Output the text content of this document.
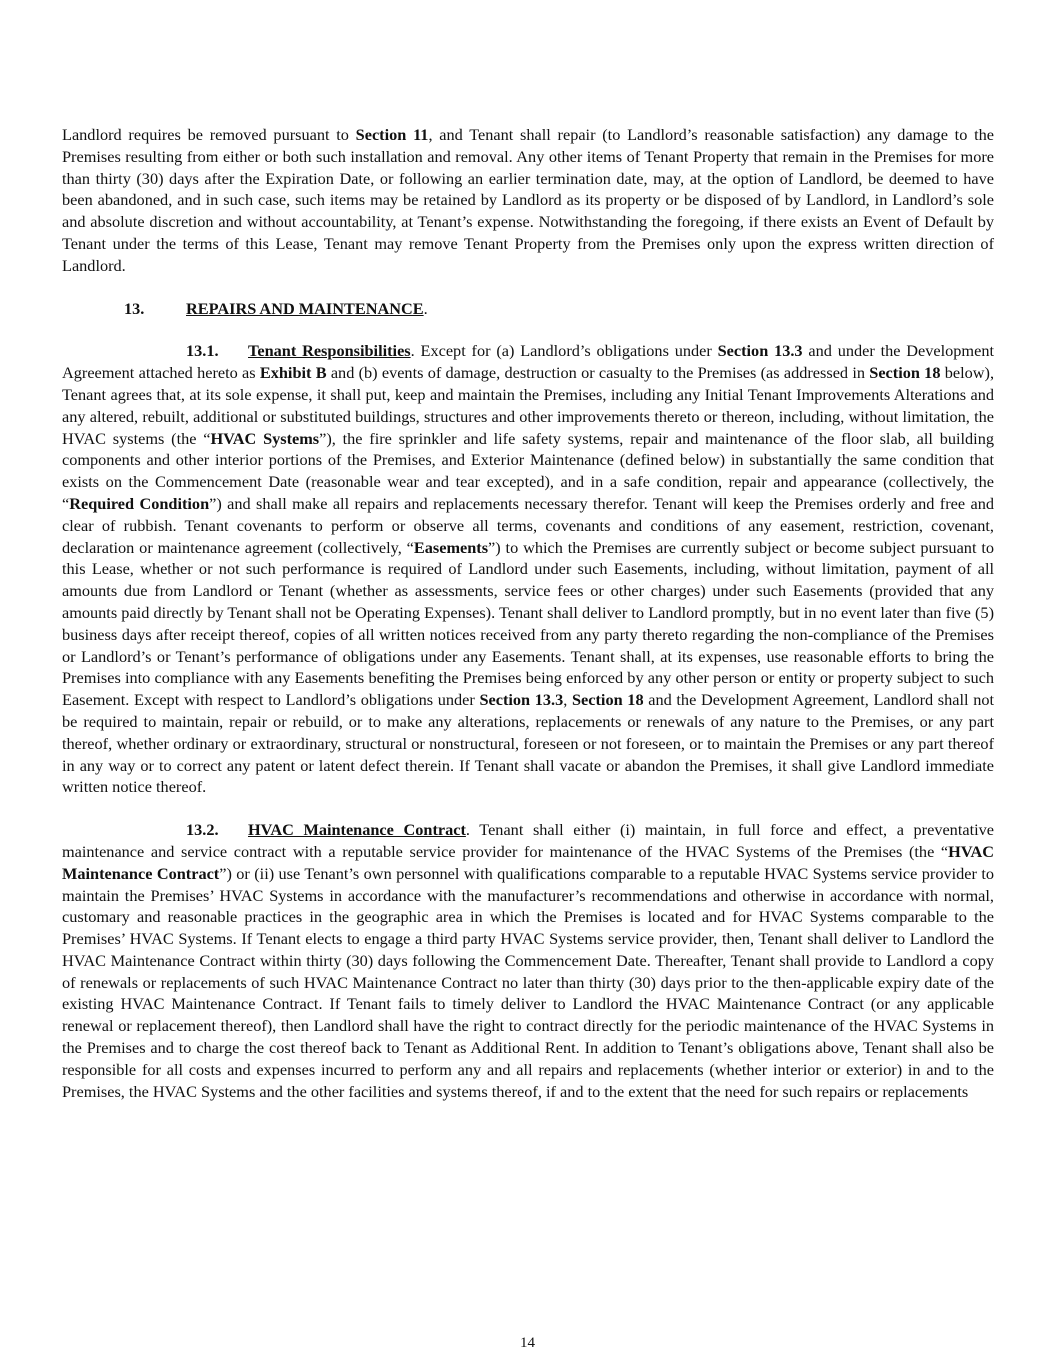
Landlord requires be removed pursuant to Section 11, and Tenant shall repair (to Landlord’s reasonable satisfaction) any damage to the Premises resulting from either or both such installation and removal. Any other items of Tenant Property that remain in the Premises for more than thirty (30) days after the Expiration Date, or following an earlier termination date, may, at the option of Landlord, be deemed to have been abandoned, and in such case, such items may be retained by Landlord as its property or be disposed of by Landlord, in Landlord’s sole and absolute discretion and without accountability, at Tenant’s expense. Notwithstanding the foregoing, if there exists an Event of Default by Tenant under the terms of this Lease, Tenant may remove Tenant Property from the Premises only upon the express written direction of Landlord.

13.	REPAIRS AND MAINTENANCE.

13.1. Tenant Responsibilities. Except for (a) Landlord’s obligations under Section 13.3 and under the Development Agreement attached hereto as Exhibit B and (b) events of damage, destruction or casualty to the Premises (as addressed in Section 18 below), Tenant agrees that, at its sole expense, it shall put, keep and maintain the Premises, including any Initial Tenant Improvements Alterations and any altered, rebuilt, additional or substituted buildings, structures and other improvements thereto or thereon, including, without limitation, the HVAC systems (the “HVAC Systems”), the fire sprinkler and life safety systems, repair and maintenance of the floor slab, all building components and other interior portions of the Premises, and Exterior Maintenance (defined below) in substantially the same condition that exists on the Commencement Date (reasonable wear and tear excepted), and in a safe condition, repair and appearance (collectively, the “Required Condition”) and shall make all repairs and replacements necessary therefor. Tenant will keep the Premises orderly and free and clear of rubbish. Tenant covenants to perform or observe all terms, covenants and conditions of any easement, restriction, covenant, declaration or maintenance agreement (collectively, “Easements”) to which the Premises are currently subject or become subject pursuant to this Lease, whether or not such performance is required of Landlord under such Easements, including, without limitation, payment of all amounts due from Landlord or Tenant (whether as assessments, service fees or other charges) under such Easements (provided that any amounts paid directly by Tenant shall not be Operating Expenses). Tenant shall deliver to Landlord promptly, but in no event later than five (5) business days after receipt thereof, copies of all written notices received from any party thereto regarding the non-compliance of the Premises or Landlord’s or Tenant’s performance of obligations under any Easements. Tenant shall, at its expenses, use reasonable efforts to bring the Premises into compliance with any Easements benefiting the Premises being enforced by any other person or entity or property subject to such Easement. Except with respect to Landlord’s obligations under Section 13.3, Section 18 and the Development Agreement, Landlord shall not be required to maintain, repair or rebuild, or to make any alterations, replacements or renewals of any nature to the Premises, or any part thereof, whether ordinary or extraordinary, structural or nonstructural, foreseen or not foreseen, or to maintain the Premises or any part thereof in any way or to correct any patent or latent defect therein. If Tenant shall vacate or abandon the Premises, it shall give Landlord immediate written notice thereof.

13.2. HVAC Maintenance Contract. Tenant shall either (i) maintain, in full force and effect, a preventative maintenance and service contract with a reputable service provider for maintenance of the HVAC Systems of the Premises (the “HVAC Maintenance Contract”) or (ii) use Tenant’s own personnel with qualifications comparable to a reputable HVAC Systems service provider to maintain the Premises’ HVAC Systems in accordance with the manufacturer’s recommendations and otherwise in accordance with normal, customary and reasonable practices in the geographic area in which the Premises is located and for HVAC Systems comparable to the Premises’ HVAC Systems. If Tenant elects to engage a third party HVAC Systems service provider, then, Tenant shall deliver to Landlord the HVAC Maintenance Contract within thirty (30) days following the Commencement Date. Thereafter, Tenant shall provide to Landlord a copy of renewals or replacements of such HVAC Maintenance Contract no later than thirty (30) days prior to the then-applicable expiry date of the existing HVAC Maintenance Contract. If Tenant fails to timely deliver to Landlord the HVAC Maintenance Contract (or any applicable renewal or replacement thereof), then Landlord shall have the right to contract directly for the periodic maintenance of the HVAC Systems in the Premises and to charge the cost thereof back to Tenant as Additional Rent. In addition to Tenant’s obligations above, Tenant shall also be responsible for all costs and expenses incurred to perform any and all repairs and replacements (whether interior or exterior) in and to the Premises, the HVAC Systems and the other facilities and systems thereof, if and to the extent that the need for such repairs or replacements

14
